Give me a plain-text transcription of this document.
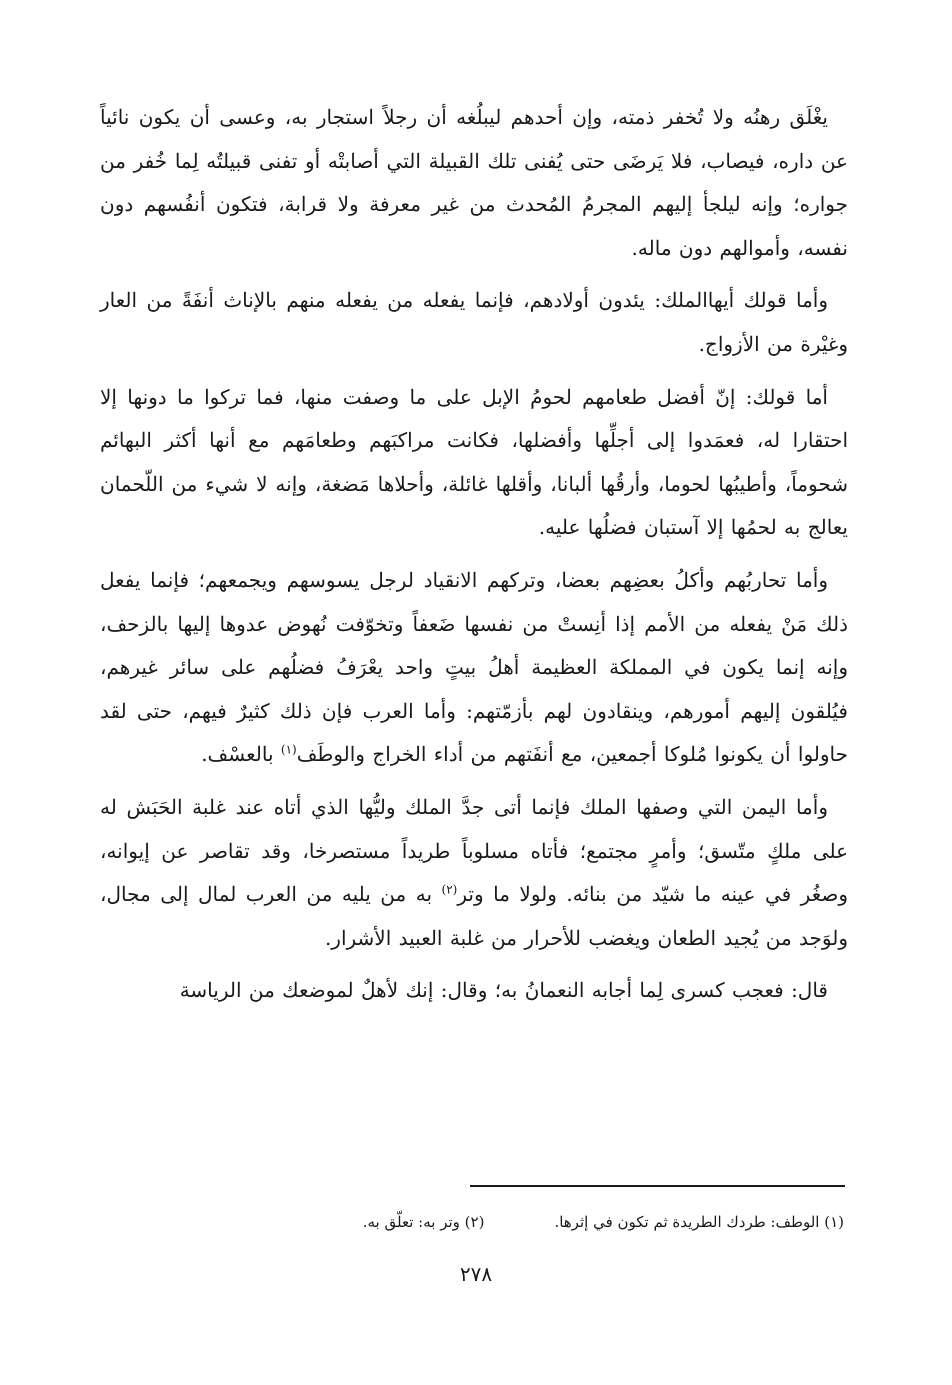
يغْلَق رهنُه ولا تُخفر ذمته، وإن أحدهم ليبلُغه أن رجلاً استجار به، وعسى أن يكون نائياً عن داره، فيصاب، فلا يَرضَى حتى يُفنى تلك القبيلة التي أصابتْه أو تفنى قبيلتُه لِما خُفر من جواره؛ وإنه ليلجأ إليهم المجرمُ المُحدث من غير معرفة ولا قرابة، فتكون أنفُسهم دون نفسه، وأموالهم دون ماله.

وأما قولك أيهاالملك: يئدون أولادهم، فإنما يفعله من يفعله منهم بالإناث أنفَةً من العار وغيْرة من الأزواج.

أما قولك: إنّ أفضل طعامهم لحومُ الإبل على ما وصفت منها، فما تركوا ما دونها إلا احتقارا له، فعمَدوا إلى أجلِّها وأفضلها، فكانت مراكبَهم وطعامَهم مع أنها أكثر البهائم شحوماً، وأطيبُها لحوما، وأرقُها ألبانا، وأقلها غائلة، وأحلاها مَضغة، وإنه لا شيء من اللّحمان يعالج به لحمُها إلا آستبان فضلُها عليه.

وأما تحاربُهم وأكلُ بعضِهم بعضا، وتركهم الانقياد لرجل يسوسهم ويجمعهم؛ فإنما يفعل ذلك مَنْ يفعله من الأمم إذا أنِستْ من نفسها ضَعفاً وتخوّفت نُهوض عدوها إليها بالزحف، وإنه إنما يكون في المملكة العظيمة أهلُ بيتٍ واحد يعْرَفُ فضلُهم على سائر غيرهم، فيُلقون إليهم أمورهم، وينقادون لهم بأزمّتهم: وأما العرب فإن ذلك كثيرٌ فيهم، حتى لقد حاولوا أن يكونوا مُلوكا أجمعين، مع أنفَتهم من أداء الخراج والوطَف$^{(١)}$ بالعسْف.

وأما اليمن التي وصفها الملك فإنما أتى جدَّ الملك وليُّها الذي أتاه عند غلبة الحَبَش له على ملكٍ متّسق؛ وأمرٍ مجتمع؛ فأتاه مسلوباً طريداً مستصرخا، وقد تقاصر عن إيوانه، وصغُر في عينه ما شيّد من بنائه. ولولا ما وتر$^{(٢)}$ به من يليه من العرب لمال إلى مجال، ولوَجد من يُجيد الطعان ويغضب للأحرار من غلبة العبيد الأشرار.

قال: فعجب كسرى لِما أجابه النعمانُ به؛ وقال: إنك لأهلٌ لموضعك من الرياسة

(١) الوطف: طردك الطريدة ثم تكون في إثرها.
(٢) وتر به: تعلّق به.
٢٧٨
